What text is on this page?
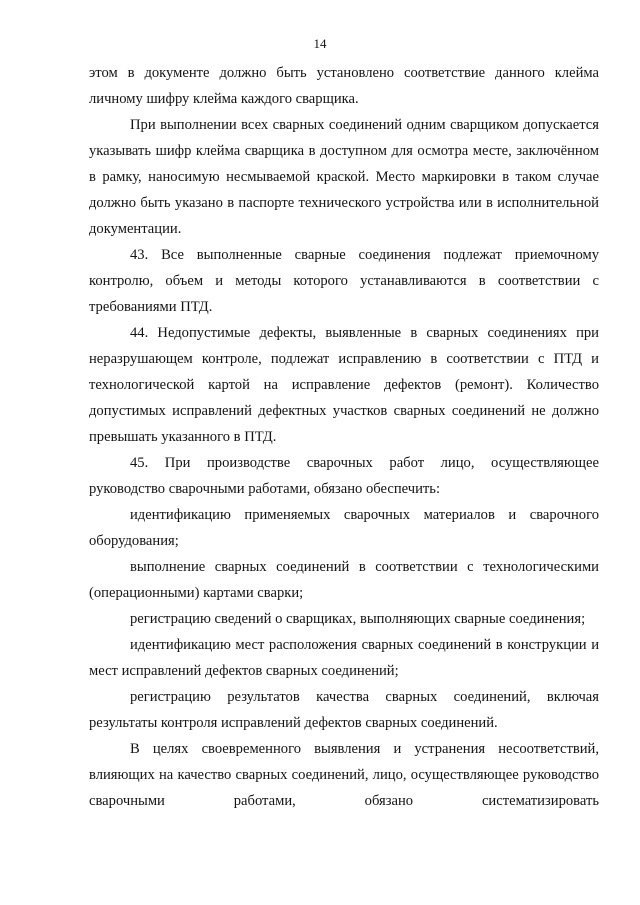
14

этом в документе должно быть установлено соответствие данного клейма личному шифру клейма каждого сварщика.

При выполнении всех сварных соединений одним сварщиком допускается указывать шифр клейма сварщика в доступном для осмотра месте, заключённом в рамку, наносимую несмываемой краской. Место маркировки в таком случае должно быть указано в паспорте технического устройства или в исполнительной документации.

43. Все выполненные сварные соединения подлежат приемочному контролю, объем и методы которого устанавливаются в соответствии с требованиями ПТД.

44. Недопустимые дефекты, выявленные в сварных соединениях при неразрушающем контроле, подлежат исправлению в соответствии с ПТД и технологической картой на исправление дефектов (ремонт). Количество допустимых исправлений дефектных участков сварных соединений не должно превышать указанного в ПТД.

45. При производстве сварочных работ лицо, осуществляющее руководство сварочными работами, обязано обеспечить:

идентификацию применяемых сварочных материалов и сварочного оборудования;

выполнение сварных соединений в соответствии с технологическими (операционными) картами сварки;

регистрацию сведений о сварщиках, выполняющих сварные соединения;

идентификацию мест расположения сварных соединений в конструкции и мест исправлений дефектов сварных соединений;

регистрацию результатов качества сварных соединений, включая результаты контроля исправлений дефектов сварных соединений.

В целях своевременного выявления и устранения несоответствий, влияющих на качество сварных соединений, лицо, осуществляющее руководство сварочными работами, обязано систематизировать
